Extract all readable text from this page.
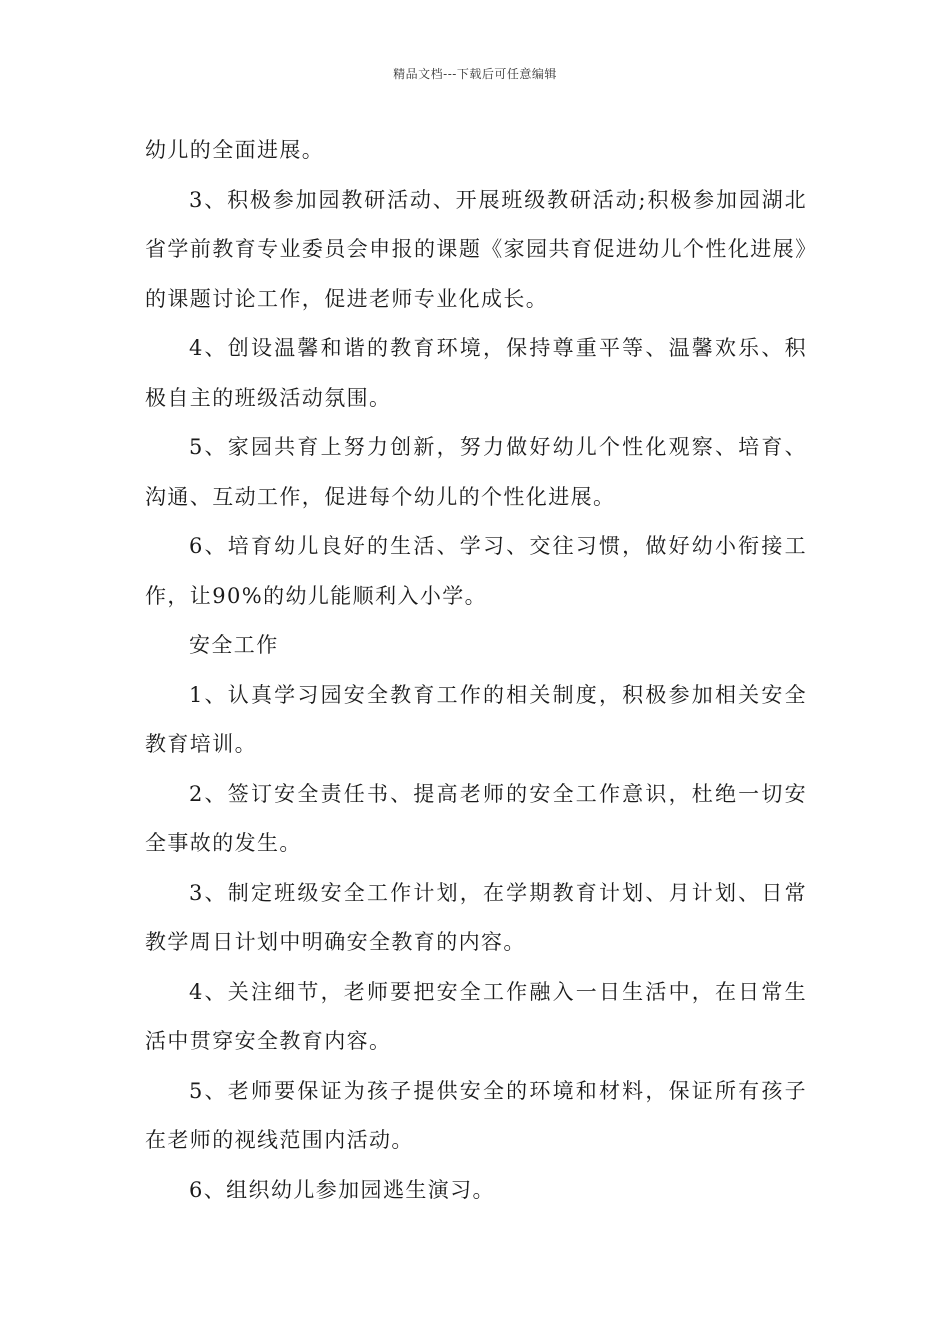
精品文档---下载后可任意编辑

幼儿的全面进展。

3、积极参加园教研活动、开展班级教研活动;积极参加园湖北省学前教育专业委员会申报的课题《家园共育促进幼儿个性化进展》的课题讨论工作，促进老师专业化成长。

4、创设温馨和谐的教育环境，保持尊重平等、温馨欢乐、积极自主的班级活动氛围。

5、家园共育上努力创新，努力做好幼儿个性化观察、培育、沟通、互动工作，促进每个幼儿的个性化进展。

6、培育幼儿良好的生活、学习、交往习惯，做好幼小衔接工作，让90%的幼儿能顺利入小学。

安全工作

1、认真学习园安全教育工作的相关制度，积极参加相关安全教育培训。

2、签订安全责任书、提高老师的安全工作意识，杜绝一切安全事故的发生。

3、制定班级安全工作计划，在学期教育计划、月计划、日常教学周日计划中明确安全教育的内容。

4、关注细节，老师要把安全工作融入一日生活中，在日常生活中贯穿安全教育内容。

5、老师要保证为孩子提供安全的环境和材料，保证所有孩子在老师的视线范围内活动。

6、组织幼儿参加园逃生演习。
